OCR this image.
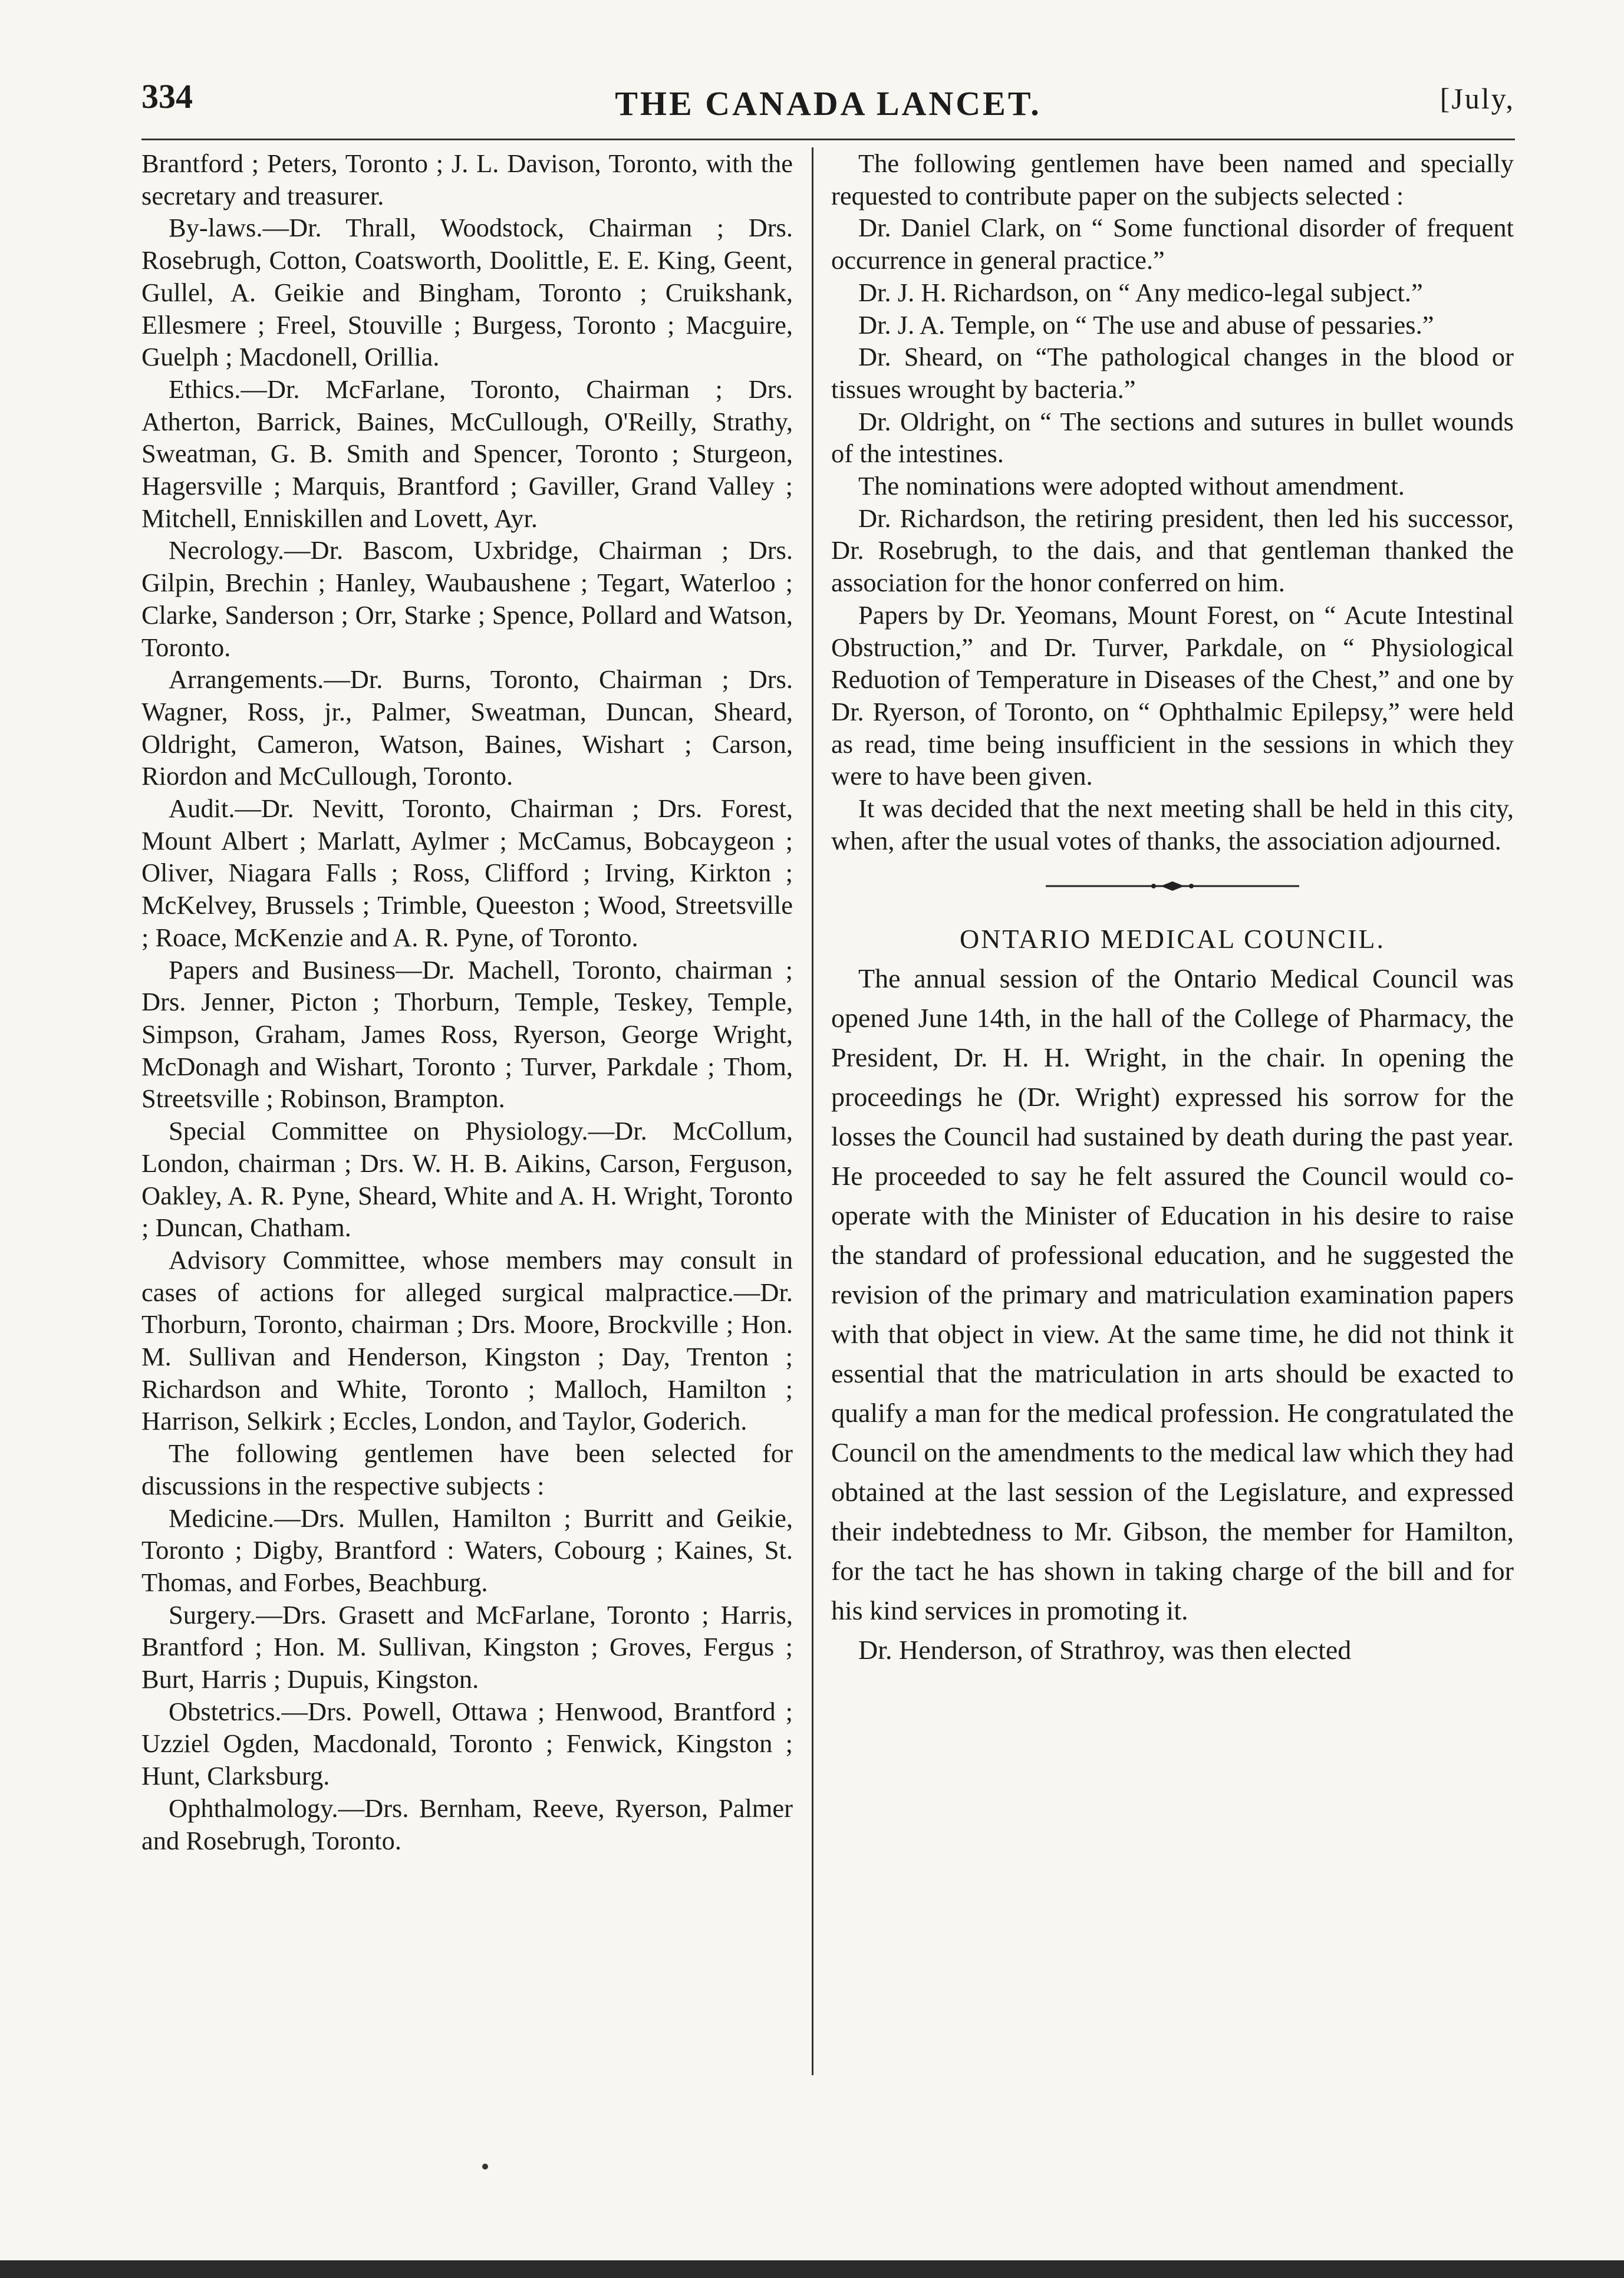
334	THE CANADA LANCET.	[July,

Brantford ; Peters, Toronto ; J. L. Davison, Toronto, with the secretary and treasurer.

By-laws.—Dr. Thrall, Woodstock, Chairman ; Drs. Rosebrugh, Cotton, Coatsworth, Doolittle, E. E. King, Geent, Gullel, A. Geikie and Bingham, Toronto ; Cruikshank, Ellesmere ; Freel, Stouville ; Burgess, Toronto ; Macguire, Guelph ; Macdonell, Orillia.

Ethics.—Dr. McFarlane, Toronto, Chairman ; Drs. Atherton, Barrick, Baines, McCullough, O'Reilly, Strathy, Sweatman, G. B. Smith and Spencer, Toronto ; Sturgeon, Hagersville ; Marquis, Brantford ; Gaviller, Grand Valley ; Mitchell, Enniskillen and Lovett, Ayr.

Necrology.—Dr. Bascom, Uxbridge, Chairman ; Drs. Gilpin, Brechin ; Hanley, Waubaushene ; Tegart, Waterloo ; Clarke, Sanderson ; Orr, Starke ; Spence, Pollard and Watson, Toronto.

Arrangements.—Dr. Burns, Toronto, Chairman ; Drs. Wagner, Ross, jr., Palmer, Sweatman, Duncan, Sheard, Oldright, Cameron, Watson, Baines, Wishart ; Carson, Riordon and McCullough, Toronto.

Audit.—Dr. Nevitt, Toronto, Chairman ; Drs. Forest, Mount Albert ; Marlatt, Aylmer ; McCamus, Bobcaygeon ; Oliver, Niagara Falls ; Ross, Clifford ; Irving, Kirkton ; McKelvey, Brussels ; Trimble, Queeston ; Wood, Streetsville ; Roace, McKenzie and A. R. Pyne, of Toronto.

Papers and Business—Dr. Machell, Toronto, chairman ; Drs. Jenner, Picton ; Thorburn, Temple, Teskey, Temple, Simpson, Graham, James Ross, Ryerson, George Wright, McDonagh and Wishart, Toronto ; Turver, Parkdale ; Thom, Streetsville ; Robinson, Brampton.

Special Committee on Physiology.—Dr. McCollum, London, chairman ; Drs. W. H. B. Aikins, Carson, Ferguson, Oakley, A. R. Pyne, Sheard, White and A. H. Wright, Toronto ; Duncan, Chatham.

Advisory Committee, whose members may consult in cases of actions for alleged surgical malpractice.—Dr. Thorburn, Toronto, chairman ; Drs. Moore, Brockville ; Hon. M. Sullivan and Henderson, Kingston ; Day, Trenton ; Richardson and White, Toronto ; Malloch, Hamilton ; Harrison, Selkirk ; Eccles, London, and Taylor, Goderich.

The following gentlemen have been selected for discussions in the respective subjects :

Medicine.—Drs. Mullen, Hamilton ; Burritt and Geikie, Toronto ; Digby, Brantford : Waters, Cobourg ; Kaines, St. Thomas, and Forbes, Beachburg.

Surgery.—Drs. Grasett and McFarlane, Toronto ; Harris, Brantford ; Hon. M. Sullivan, Kingston ; Groves, Fergus ; Burt, Harris ; Dupuis, Kingston.

Obstetrics.—Drs. Powell, Ottawa ; Henwood, Brantford ; Uzziel Ogden, Macdonald, Toronto ; Fenwick, Kingston ; Hunt, Clarksburg.

Ophthalmology.—Drs. Bernham, Reeve, Ryerson, Palmer and Rosebrugh, Toronto.

The following gentlemen have been named and specially requested to contribute paper on the subjects selected :

Dr. Daniel Clark, on “ Some functional disorder of frequent occurrence in general practice.”

Dr. J. H. Richardson, on “ Any medico-legal subject.”

Dr. J. A. Temple, on “ The use and abuse of pessaries.”

Dr. Sheard, on “The pathological changes in the blood or tissues wrought by bacteria.”

Dr. Oldright, on “ The sections and sutures in bullet wounds of the intestines.

The nominations were adopted without amendment.

Dr. Richardson, the retiring president, then led his successor, Dr. Rosebrugh, to the dais, and that gentleman thanked the association for the honor conferred on him.

Papers by Dr. Yeomans, Mount Forest, on “ Acute Intestinal Obstruction,” and Dr. Turver, Parkdale, on “ Physiological Reduotion of Temperature in Diseases of the Chest,” and one by Dr. Ryerson, of Toronto, on “ Ophthalmic Epilepsy,” were held as read, time being insufficient in the sessions in which they were to have been given.

It was decided that the next meeting shall be held in this city, when, after the usual votes of thanks, the association adjourned.

ONTARIO MEDICAL COUNCIL.

The annual session of the Ontario Medical Council was opened June 14th, in the hall of the College of Pharmacy, the President, Dr. H. H. Wright, in the chair. In opening the proceedings he (Dr. Wright) expressed his sorrow for the losses the Council had sustained by death during the past year. He proceeded to say he felt assured the Council would co-operate with the Minister of Education in his desire to raise the standard of professional education, and he suggested the revision of the primary and matriculation examination papers with that object in view. At the same time, he did not think it essential that the matriculation in arts should be exacted to qualify a man for the medical profession. He congratulated the Council on the amendments to the medical law which they had obtained at the last session of the Legislature, and expressed their indebtedness to Mr. Gibson, the member for Hamilton, for the tact he has shown in taking charge of the bill and for his kind services in promoting it.

Dr. Henderson, of Strathroy, was then elected
